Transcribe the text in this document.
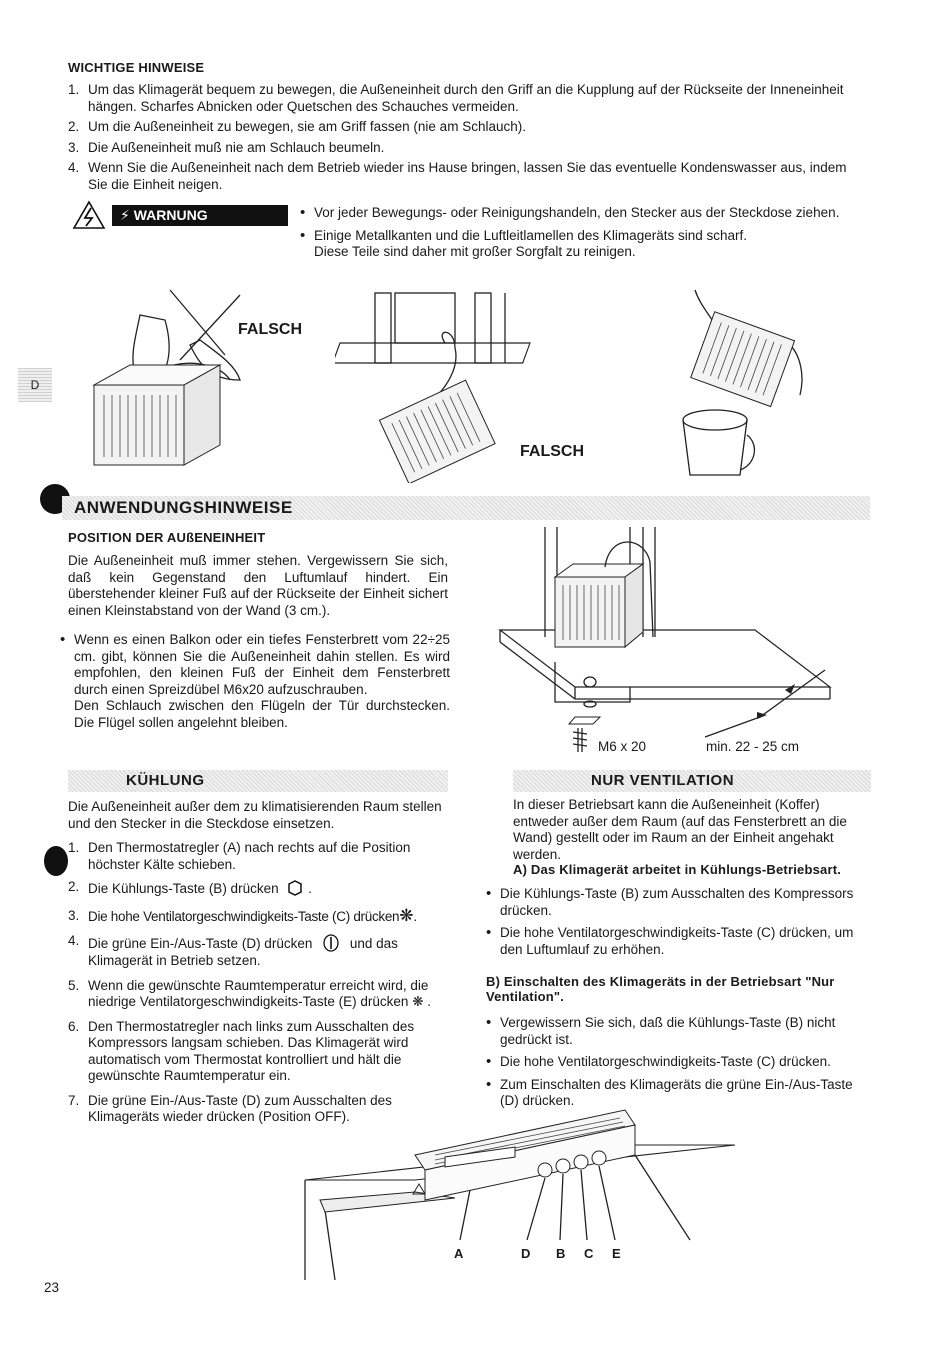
WICHTIGE HINWEISE
1. Um das Klimagerät bequem zu bewegen, die Außeneinheit durch den Griff an die Kupplung auf der Rückseite der Inneneinheit hängen. Scharfes Abnicken oder Quetschen des Schauches vermeiden.
2. Um die Außeneinheit zu bewegen, sie am Griff fassen (nie am Schlauch).
3. Die Außeneinheit muß nie am Schlauch beumeln.
4. Wenn Sie die Außeneinheit nach dem Betrieb wieder ins Hause bringen, lassen Sie das eventuelle Kondenswasser aus, indem Sie die Einheit neigen.
⚡ WARNUNG
•	Vor jeder Bewegungs- oder Reinigungshandeln, den Stecker aus der Steckdose ziehen.
• Einige Metallkanten und die Luftleitlamellen des Klimageräts sind scharf. Diese Teile sind daher mit großer Sorgfalt zu reinigen.
D
FALSCH
FALSCH
ANWENDUNGSHINWEISE
POSITION DER AUßENEINHEIT
Die Außeneinheit muß immer stehen. Vergewissern Sie sich, daß kein Gegenstand den Luftumlauf hindert. Ein überstehender kleiner Fuß auf der Rückseite der Einheit sichert einen Kleinstabstand von der Wand (3 cm.).
• Wenn es einen Balkon oder ein tiefes Fensterbrett vom 22÷25 cm. gibt, können Sie die Außeneinheit dahin stellen. Es wird empfohlen, den kleinen Fuß der Einheit dem Fensterbrett durch einen Spreizdübel M6x20 aufzuschrauben.
Den Schlauch zwischen den Flügeln der Tür durchstecken. Die Flügel sollen angelehnt bleiben.
M6 x 20	min. 22 - 25 cm
KÜHLUNG
Die Außeneinheit außer dem zu klimatisierenden Raum stellen und den Stecker in die Steckdose einsetzen.
1. Den Thermostatregler (A) nach rechts auf die Position höchster Kälte schieben.
2. Die Kühlungs-Taste (B) drücken .
3. Die hohe Ventilatorgeschwindigkeits-Taste (C) drücken❋.
4. Die grüne Ein-/Aus-Taste (D) drücken	und das Klimagerät in Betrieb setzen.
5. Wenn die gewünschte Raumtemperatur erreicht wird, die niedrige Ventilatorgeschwindigkeits-Taste (E) drücken ❋ .
6. Den Thermostatregler nach links zum Ausschalten des Kompressors langsam schieben. Das Klimagerät wird automatisch vom Thermostat kontrolliert und hält die gewünschte Raumtemperatur ein.
7. Die grüne Ein-/Aus-Taste (D) zum Ausschalten des Klimageräts wieder drücken (Position OFF).
NUR VENTILATION
In dieser Betriebsart kann die Außeneinheit (Koffer) entweder außer dem Raum (auf das Fensterbrett an die Wand) gestellt oder im Raum an der Einheit angehakt werden.
A) Das Klimagerät arbeitet in Kühlungs-Betriebsart.
• Die Kühlungs-Taste (B) zum Ausschalten des Kompressors drücken.
• Die hohe Ventilatorgeschwindigkeits-Taste (C) drücken, um den Luftumlauf zu erhöhen.
B) Einschalten des Klimageräts in der Betriebsart "Nur Ventilation".
• Vergewissern Sie sich, daß die Kühlungs-Taste (B) nicht gedrückt ist.
• Die hohe Ventilatorgeschwindigkeits-Taste (C) drücken.
• Zum Einschalten des Klimageräts die grüne Ein-/Aus-Taste (D) drücken.
A	D B C E
23
